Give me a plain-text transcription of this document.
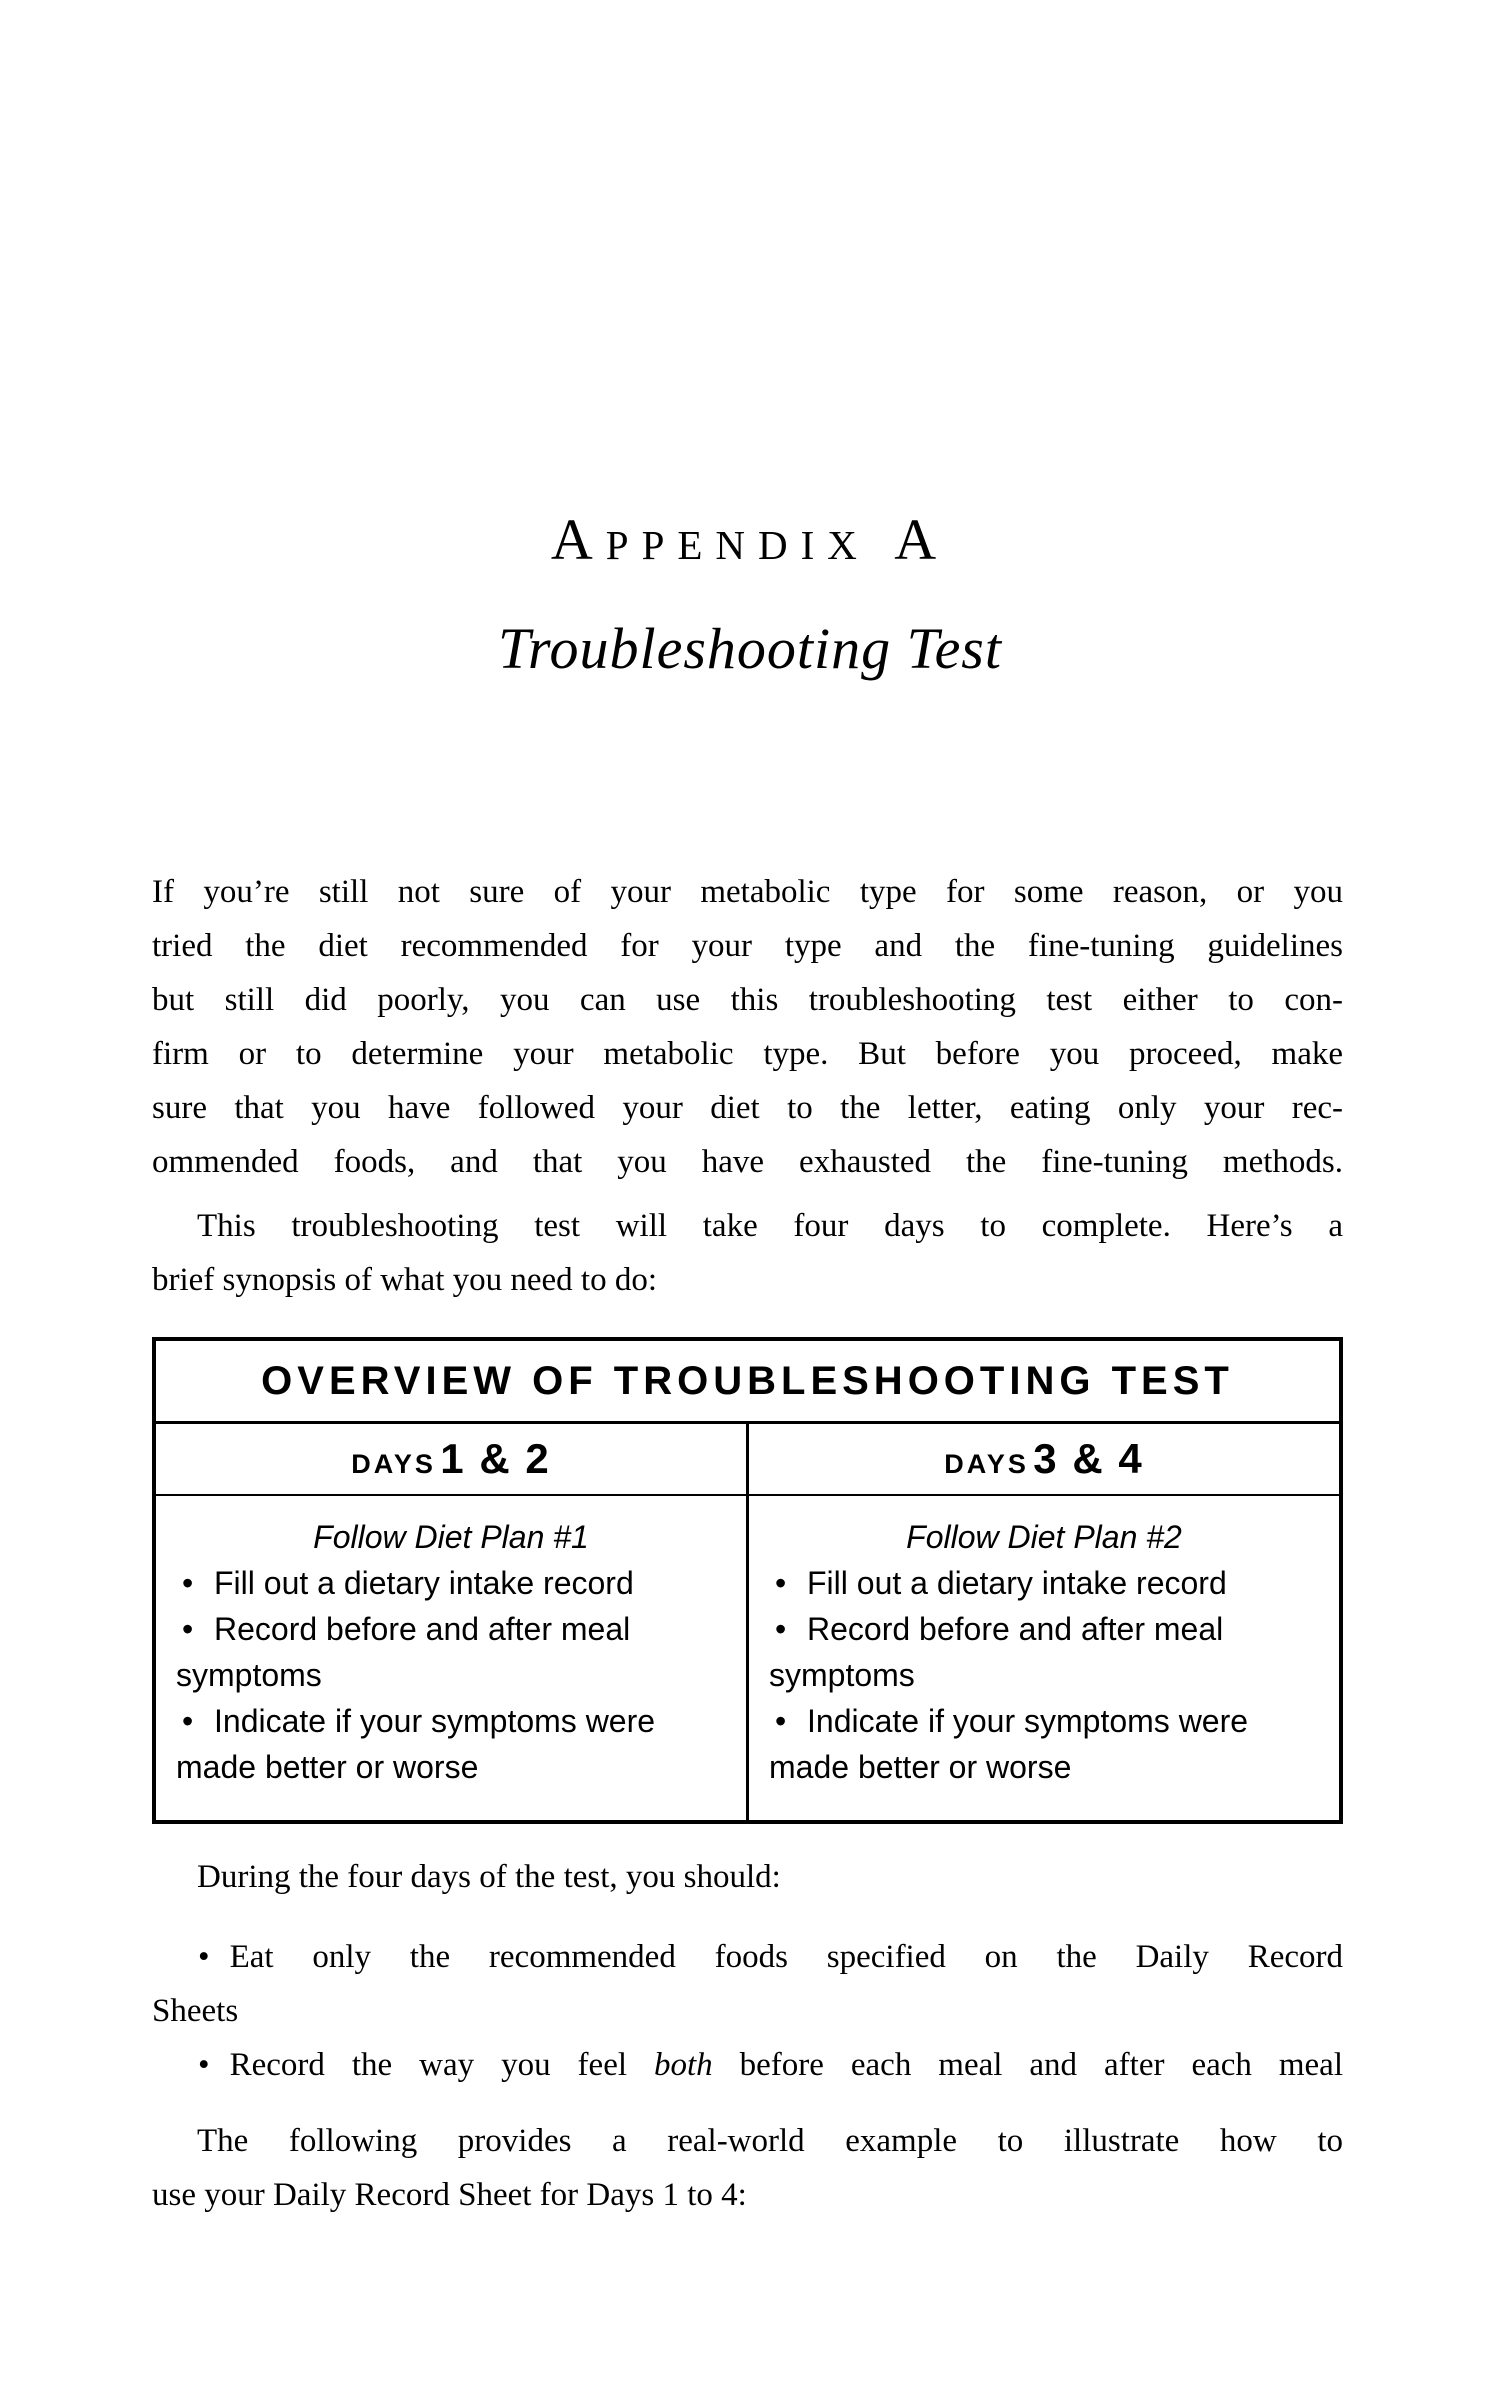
Appendix A
Troubleshooting Test
If you’re still not sure of your metabolic type for some reason, or you
tried the diet recommended for your type and the fine-tuning guidelines
but still did poorly, you can use this troubleshooting test either to con-
firm or to determine your metabolic type. But before you proceed, make
sure that you have followed your diet to the letter, eating only your rec-
ommended foods, and that you have exhausted the fine-tuning methods.
This troubleshooting test will take four days to complete. Here’s a
brief synopsis of what you need to do:
OVERVIEW OF TROUBLESHOOTING TEST
DAYS 1 & 2	DAYS 3 & 4
Follow Diet Plan #1
• Fill out a dietary intake record
• Record before and after meal
symptoms
• Indicate if your symptoms were
made better or worse
Follow Diet Plan #2
• Fill out a dietary intake record
• Record before and after meal
symptoms
• Indicate if your symptoms were
made better or worse
During the four days of the test, you should:
• Eat only the recommended foods specified on the Daily Record
Sheets
• Record the way you feel both before each meal and after each meal
The following provides a real-world example to illustrate how to
use your Daily Record Sheet for Days 1 to 4:
